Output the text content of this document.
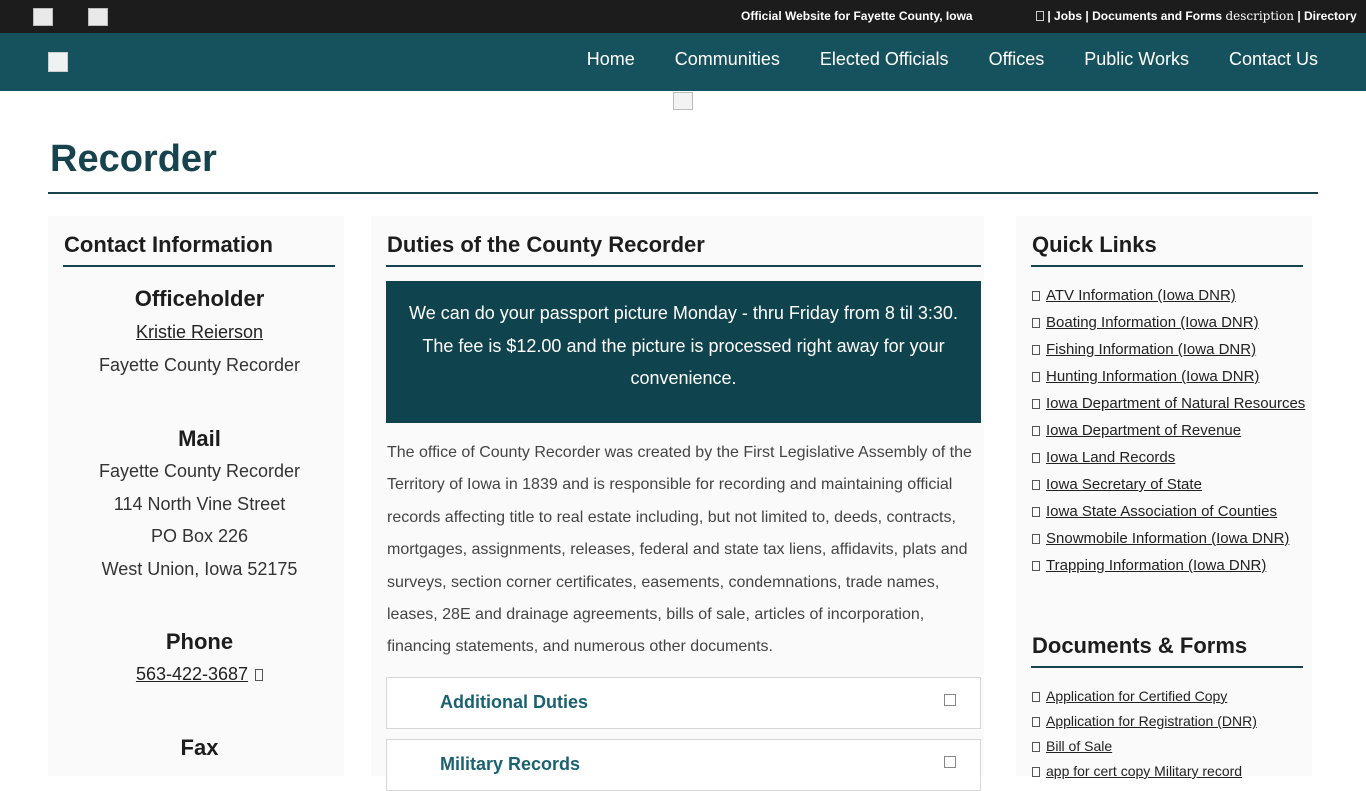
Official Website for Fayette County, Iowa	| Jobs | Documents and Forms description | Directory
Home Communities Elected Officials Offices Public Works Contact Us
Recorder
Contact Information
Officeholder
Kristie Reierson
Fayette County Recorder
Mail
Fayette County Recorder
114 North Vine Street
PO Box 226
West Union, Iowa 52175
Phone
563-422-3687
Fax
Duties of the County Recorder
We can do your passport picture Monday - thru Friday from 8 til 3:30. The fee is $12.00 and the picture is processed right away for your convenience.
The office of County Recorder was created by the First Legislative Assembly of the Territory of Iowa in 1839 and is responsible for recording and maintaining official records affecting title to real estate including, but not limited to, deeds, contracts, mortgages, assignments, releases, federal and state tax liens, affidavits, plats and surveys, section corner certificates, easements, condemnations, trade names, leases, 28E and drainage agreements, bills of sale, articles of incorporation, financing statements, and numerous other documents.
Additional Duties
Military Records
Quick Links
ATV Information (Iowa DNR)
Boating Information (Iowa DNR)
Fishing Information (Iowa DNR)
Hunting Information (Iowa DNR)
Iowa Department of Natural Resources
Iowa Department of Revenue
Iowa Land Records
Iowa Secretary of State
Iowa State Association of Counties
Snowmobile Information (Iowa DNR)
Trapping Information (Iowa DNR)
Documents & Forms
Application for Certified Copy
Application for Registration (DNR)
Bill of Sale
app for cert copy Military record
